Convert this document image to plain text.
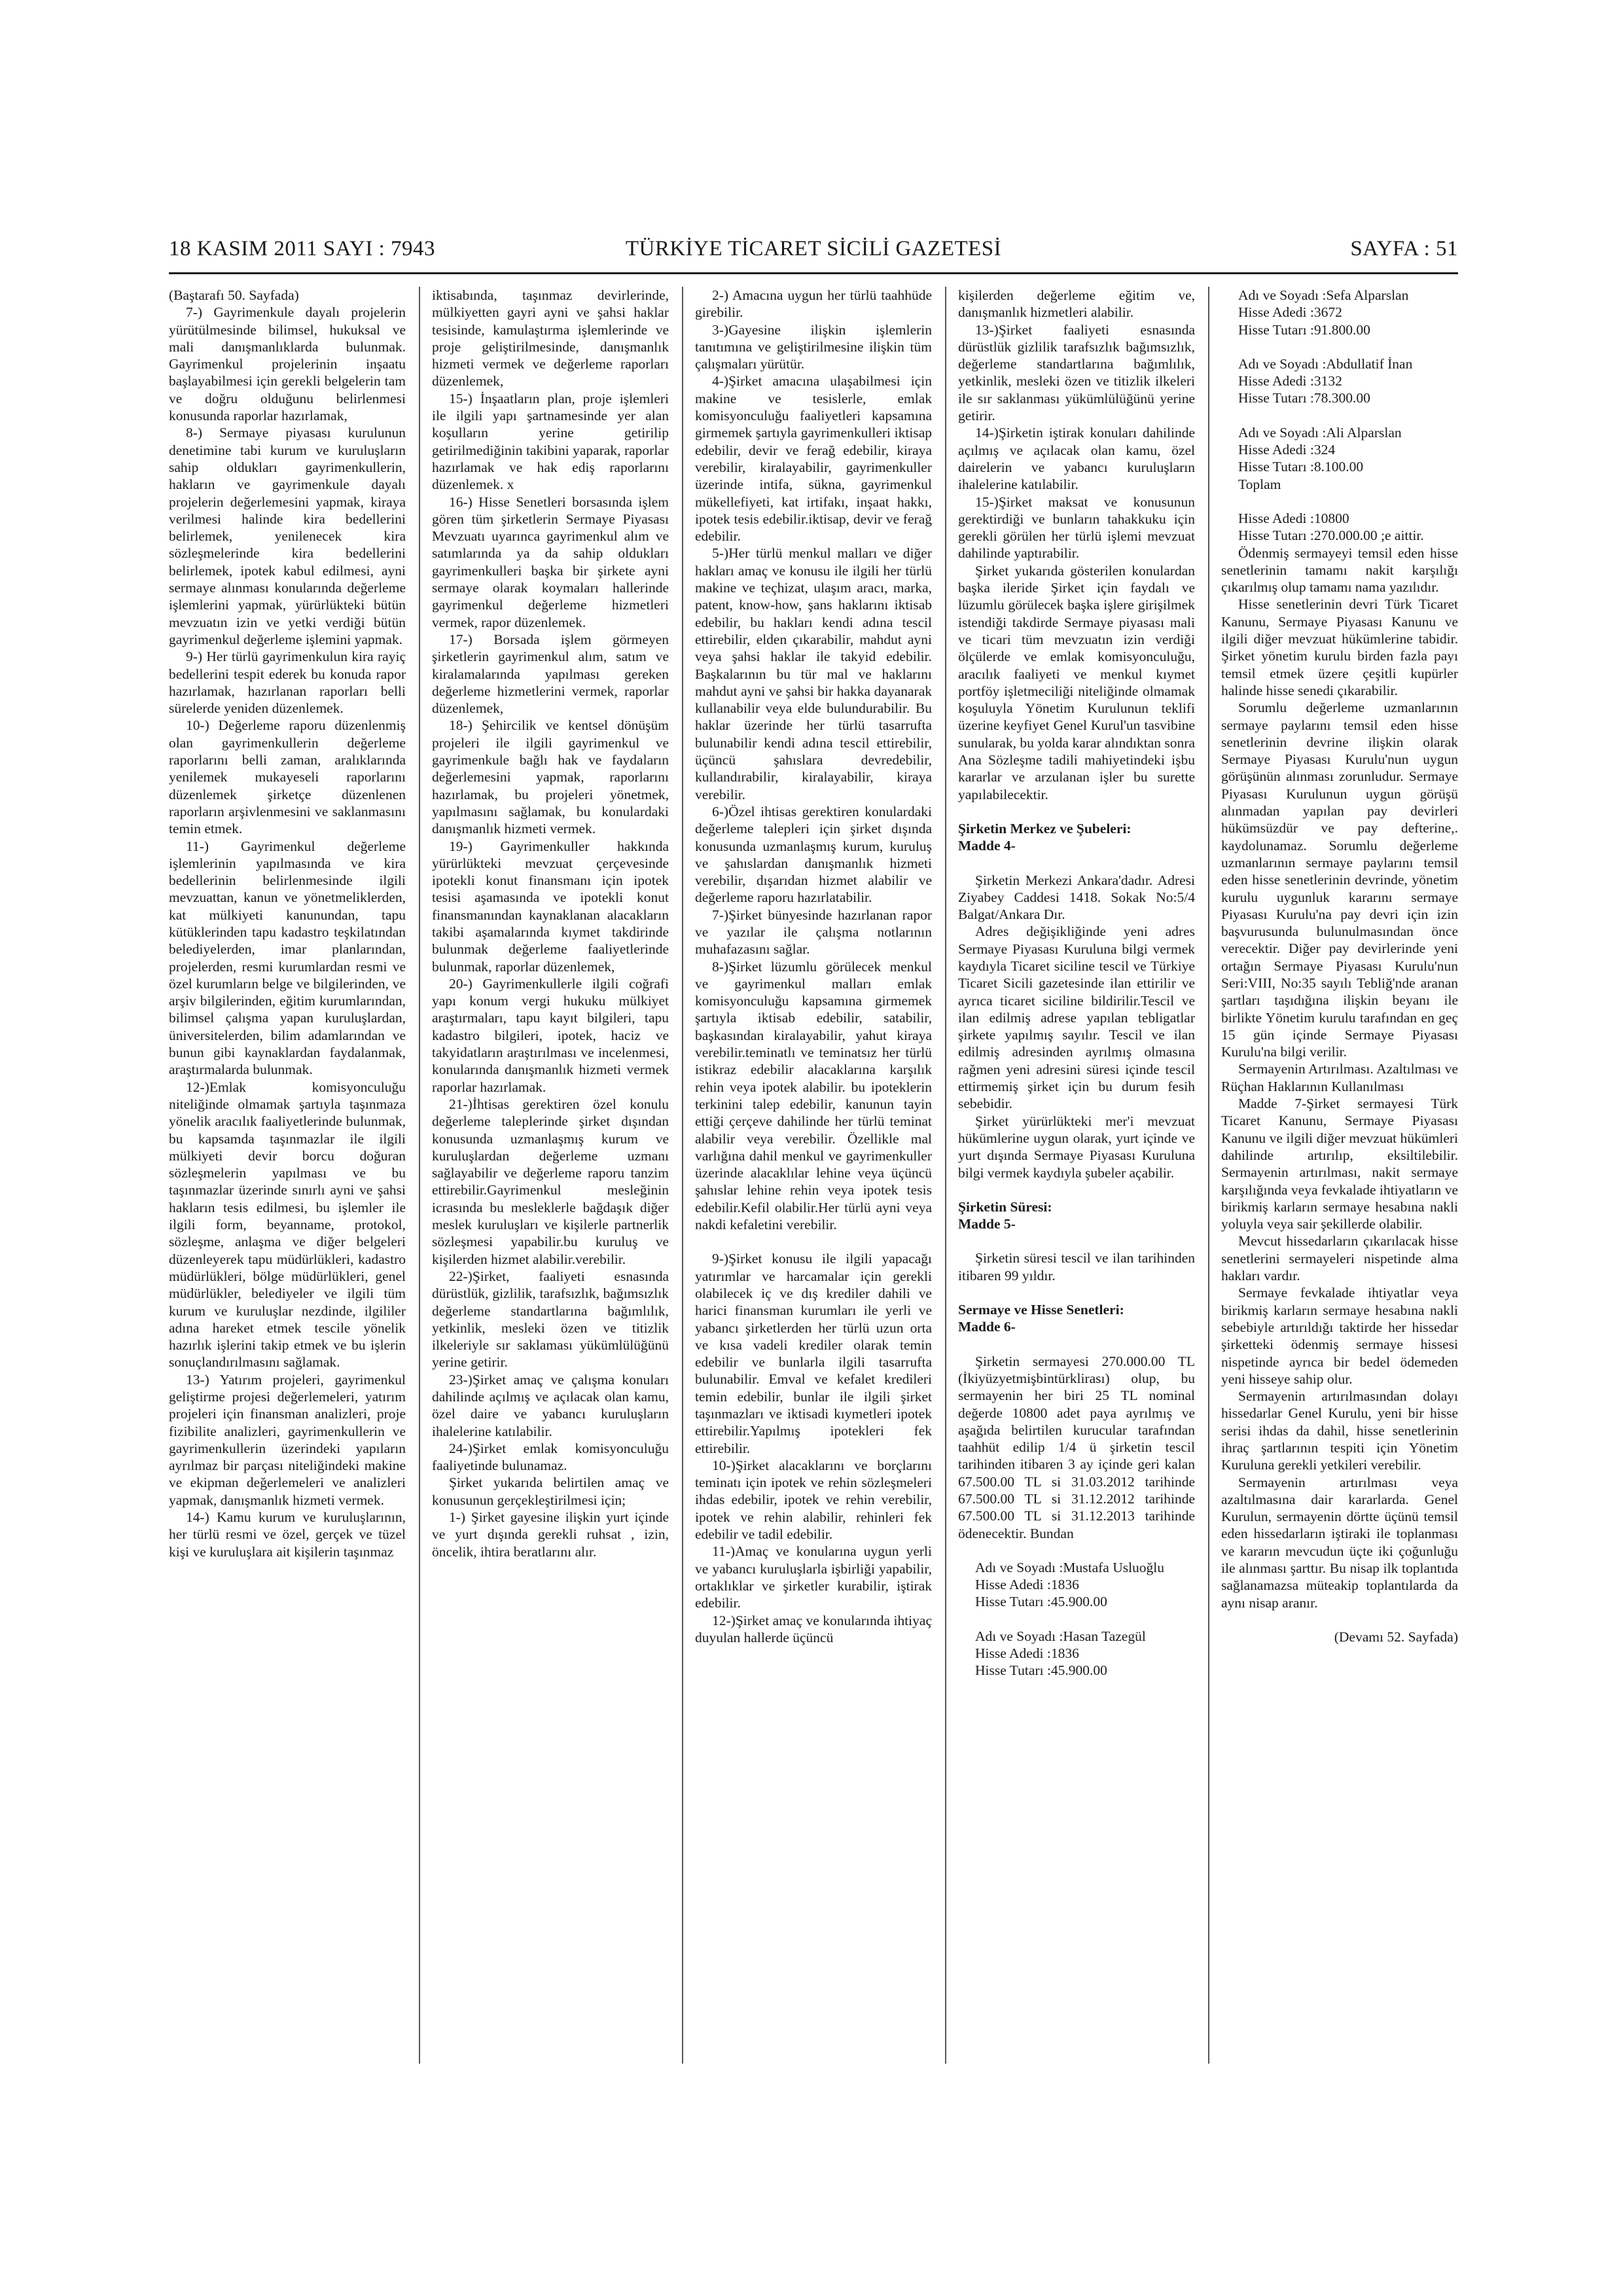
18 KASIM 2011 SAYI : 7943	TÜRKİYE TİCARET SİCİLİ GAZETESİ	SAYFA : 51

(Baştarafı 50. Sayfada)

7-) Gayrimenkule dayalı projelerin yürütülmesinde bilimsel, hukuksal ve mali danışmanlıklarda bulunmak. Gayrimenkul projelerinin inşaatu başlayabilmesi için gerekli belgelerin tam ve doğru olduğunu belirlenmesi konusunda raporlar hazırlamak,

8-) Sermaye piyasası kurulunun denetimine tabi kurum ve kuruluşların sahip oldukları gayrimenkullerin, hakların ve gayrimenkule dayalı projelerin değerlemesini yapmak, kiraya verilmesi halinde kira bedellerini belirlemek, yenilenecek kira sözleşmelerinde kira bedellerini belirlemek, ipotek kabul edilmesi, ayni sermaye alınması konularında değerleme işlemlerini yapmak, yürürlükteki bütün mevzuatın izin ve yetki verdiği bütün gayrimenkul değerleme işlemini yapmak.

9-) Her türlü gayrimenkulun kira rayiç bedellerini tespit ederek bu konuda rapor hazırlamak, hazırlanan raporları belli sürelerde yeniden düzenlemek.

10-) Değerleme raporu düzenlenmiş olan gayrimenkullerin değerleme raporlarını belli zaman, aralıklarında yenilemek mukayeseli raporlarını düzenlemek şirketçe düzenlenen raporların arşivlenmesini ve saklanmasını temin etmek.

11-) Gayrimenkul değerleme işlemlerinin yapılmasında ve kira bedellerinin belirlenmesinde ilgili mevzuattan, kanun ve yönetmeliklerden, kat mülkiyeti kanunundan, tapu kütüklerinden tapu kadastro teşkilatından belediyelerden, imar planlarından, projelerden, resmi kurumlardan resmi ve özel kurumların belge ve bilgilerinden, ve arşiv bilgilerinden, eğitim kurumlarından, bilimsel çalışma yapan kuruluşlardan, üniversitelerden, bilim adamlarından ve bunun gibi kaynaklardan faydalanmak, araştırmalarda bulunmak.

12-)Emlak komisyonculuğu niteliğinde olmamak şartıyla taşınmaza yönelik aracılık faaliyetlerinde bulunmak, bu kapsamda taşınmazlar ile ilgili mülkiyeti devir borcu doğuran sözleşmelerin yapılması ve bu taşınmazlar üzerinde sınırlı ayni ve şahsi hakların tesis edilmesi, bu işlemler ile ilgili form, beyanname, protokol, sözleşme, anlaşma ve diğer belgeleri düzenleyerek tapu müdürlükleri, kadastro müdürlükleri, bölge müdürlükleri, genel müdürlükler, belediyeler ve ilgili tüm kurum ve kuruluşlar nezdinde, ilgililer adına hareket etmek tescile yönelik hazırlık işlerini takip etmek ve bu işlerin sonuçlandırılmasını sağlamak.

13-) Yatırım projeleri, gayrimenkul geliştirme projesi değerlemeleri, yatırım projeleri için finansman analizleri, proje fizibilite analizleri, gayrimenkullerin ve gayrimenkullerin üzerindeki yapıların ayrılmaz bir parçası niteliğindeki makine ve ekipman değerlemeleri ve analizleri yapmak, danışmanlık hizmeti vermek.

14-) Kamu kurum ve kuruluşlarının, her türlü resmi ve özel, gerçek ve tüzel kişi ve kuruluşlara ait kişilerin taşınmaz

iktisabında, taşınmaz devirlerinde, mülkiyetten gayri ayni ve şahsi haklar tesisinde, kamulaştırma işlemlerinde ve proje geliştirilmesinde, danışmanlık hizmeti vermek ve değerleme raporları düzenlemek,

15-) İnşaatların plan, proje işlemleri ile ilgili yapı şartnamesinde yer alan koşulların yerine getirilip getirilmediğinin takibini yaparak, raporlar hazırlamak ve hak ediş raporlarını düzenlemek. x

16-) Hisse Senetleri borsasında işlem gören tüm şirketlerin Sermaye Piyasası Mevzuatı uyarınca gayrimenkul alım ve satımlarında ya da sahip oldukları gayrimenkulleri başka bir şirkete ayni sermaye olarak koymaları hallerinde gayrimenkul değerleme hizmetleri vermek, rapor düzenlemek.

17-) Borsada işlem görmeyen şirketlerin gayrimenkul alım, satım ve kiralamalarında yapılması gereken değerleme hizmetlerini vermek, raporlar düzenlemek,

18-) Şehircilik ve kentsel dönüşüm projeleri ile ilgili gayrimenkul ve gayrimenkule bağlı hak ve faydaların değerlemesini yapmak, raporlarını hazırlamak, bu projeleri yönetmek, yapılmasını sağlamak, bu konulardaki danışmanlık hizmeti vermek.

19-) Gayrimenkuller hakkında yürürlükteki mevzuat çerçevesinde ipotekli konut finansmanı için ipotek tesisi aşamasında ve ipotekli konut finansmanından kaynaklanan alacakların takibi aşamalarında kıymet takdirinde bulunmak değerleme faaliyetlerinde bulunmak, raporlar düzenlemek,

20-) Gayrimenkullerle ilgili coğrafi yapı konum vergi hukuku mülkiyet araştırmaları, tapu kayıt bilgileri, tapu kadastro bilgileri, ipotek, haciz ve takyidatların araştırılması ve incelenmesi, konularında danışmanlık hizmeti vermek raporlar hazırlamak.

21-)İhtisas gerektiren özel konulu değerleme taleplerinde şirket dışından konusunda uzmanlaşmış kurum ve kuruluşlardan değerleme uzmanı sağlayabilir ve değerleme raporu tanzim ettirebilir.Gayrimenkul mesleğinin icrasında bu mesleklerle bağdaşık diğer meslek kuruluşları ve kişilerle partnerlik sözleşmesi yapabilir.bu kuruluş ve kişilerden hizmet alabilir.verebilir.

22-)Şirket, faaliyeti esnasında dürüstlük, gizlilik, tarafsızlık, bağımsızlık değerleme standartlarına bağımlılık, yetkinlik, mesleki özen ve titizlik ilkeleriyle sır saklaması yükümlülüğünü yerine getirir.

23-)Şirket amaç ve çalışma konuları dahilinde açılmış ve açılacak olan kamu, özel daire ve yabancı kuruluşların ihalelerine katılabilir.

24-)Şirket emlak komisyonculuğu faaliyetinde bulunamaz.

Şirket yukarıda belirtilen amaç ve konusunun gerçekleştirilmesi için;

1-) Şirket gayesine ilişkin yurt içinde ve yurt dışında gerekli ruhsat , izin, öncelik, ihtira beratlarını alır.

2-) Amacına uygun her türlü taahhüde girebilir.

3-)Gayesine ilişkin işlemlerin tanıtımına ve geliştirilmesine ilişkin tüm çalışmaları yürütür.

4-)Şirket amacına ulaşabilmesi için makine ve tesislerle, emlak komisyonculuğu faaliyetleri kapsamına girmemek şartıyla gayrimenkulleri iktisap edebilir, devir ve ferağ edebilir, kiraya verebilir, kiralayabilir, gayrimenkuller üzerinde intifa, sükna, gayrimenkul mükellefiyeti, kat irtifakı, inşaat hakkı, ipotek tesis edebilir.iktisap, devir ve ferağ edebilir.

5-)Her türlü menkul malları ve diğer hakları amaç ve konusu ile ilgili her türlü makine ve teçhizat, ulaşım aracı, marka, patent, know-how, şans haklarını iktisab edebilir, bu hakları kendi adına tescil ettirebilir, elden çıkarabilir, mahdut ayni veya şahsi haklar ile takyid edebilir. Başkalarının bu tür mal ve haklarını mahdut ayni ve şahsi bir hakka dayanarak kullanabilir veya elde bulundurabilir. Bu haklar üzerinde her türlü tasarrufta bulunabilir kendi adına tescil ettirebilir, üçüncü şahıslara devredebilir, kullandırabilir, kiralayabilir, kiraya verebilir.

6-)Özel ihtisas gerektiren konulardaki değerleme talepleri için şirket dışında konusunda uzmanlaşmış kurum, kuruluş ve şahıslardan danışmanlık hizmeti verebilir, dışarıdan hizmet alabilir ve değerleme raporu hazırlatabilir.

7-)Şirket bünyesinde hazırlanan rapor ve yazılar ile çalışma notlarının muhafazasını sağlar.

8-)Şirket lüzumlu görülecek menkul ve gayrimenkul malları emlak komisyonculuğu kapsamına girmemek şartıyla iktisab edebilir, satabilir, başkasından kiralayabilir, yahut kiraya verebilir.teminatlı ve teminatsız her türlü istikraz edebilir alacaklarına karşılık rehin veya ipotek alabilir. bu ipoteklerin terkinini talep edebilir, kanunun tayin ettiği çerçeve dahilinde her türlü teminat alabilir veya verebilir. Özellikle mal varlığına dahil menkul ve gayrimenkuller üzerinde alacaklılar lehine veya üçüncü şahıslar lehine rehin veya ipotek tesis edebilir.Kefil olabilir.Her türlü ayni veya nakdi kefaletini verebilir.

9-)Şirket konusu ile ilgili yapacağı yatırımlar ve harcamalar için gerekli olabilecek iç ve dış krediler dahili ve harici finansman kurumları ile yerli ve yabancı şirketlerden her türlü uzun orta ve kısa vadeli krediler olarak temin edebilir ve bunlarla ilgili tasarrufta bulunabilir. Emval ve kefalet kredileri temin edebilir, bunlar ile ilgili şirket taşınmazları ve iktisadi kıymetleri ipotek ettirebilir.Yapılmış ipotekleri fek ettirebilir.

10-)Şirket alacaklarını ve borçlarını teminatı için ipotek ve rehin sözleşmeleri ihdas edebilir, ipotek ve rehin verebilir, ipotek ve rehin alabilir, rehinleri fek edebilir ve tadil edebilir.

11-)Amaç ve konularına uygun yerli ve yabancı kuruluşlarla işbirliği yapabilir, ortaklıklar ve şirketler kurabilir, iştirak edebilir.

12-)Şirket amaç ve konularında ihtiyaç duyulan hallerde üçüncü

kişilerden değerleme eğitim ve, danışmanlık hizmetleri alabilir.

13-)Şirket faaliyeti esnasında dürüstlük gizlilik tarafsızlık bağımsızlık, değerleme standartlarına bağımlılık, yetkinlik, mesleki özen ve titizlik ilkeleri ile sır saklanması yükümlülüğünü yerine getirir.

14-)Şirketin iştirak konuları dahilinde açılmış ve açılacak olan kamu, özel dairelerin ve yabancı kuruluşların ihalelerine katılabilir.

15-)Şirket maksat ve konusunun gerektirdiği ve bunların tahakkuku için gerekli görülen her türlü işlemi mevzuat dahilinde yaptırabilir.

Şirket yukarıda gösterilen konulardan başka ileride Şirket için faydalı ve lüzumlu görülecek başka işlere girişilmek istendiği takdirde Sermaye piyasası mali ve ticari tüm mevzuatın izin verdiği ölçülerde ve emlak komisyonculuğu, aracılık faaliyeti ve menkul kıymet portföy işletmeciliği niteliğinde olmamak koşuluyla Yönetim Kurulunun teklifi üzerine keyfiyet Genel Kurul'un tasvibine sunularak, bu yolda karar alındıktan sonra Ana Sözleşme tadili mahiyetindeki işbu kararlar ve arzulanan işler bu surette yapılabilecektir.

Şirketin Merkez ve Şubeleri:

Madde 4-

Şirketin Merkezi Ankara'dadır. Adresi Ziyabey Caddesi 1418. Sokak No:5/4 Balgat/Ankara Dır.

Adres değişikliğinde yeni adres Sermaye Piyasası Kuruluna bilgi vermek kaydıyla Ticaret siciline tescil ve Türkiye Ticaret Sicili gazetesinde ilan ettirilir ve ayrıca ticaret siciline bildirilir.Tescil ve ilan edilmiş adrese yapılan tebligatlar şirkete yapılmış sayılır. Tescil ve ilan edilmiş adresinden ayrılmış olmasına rağmen yeni adresini süresi içinde tescil ettirmemiş şirket için bu durum fesih sebebidir.

Şirket yürürlükteki mer'i mevzuat hükümlerine uygun olarak, yurt içinde ve yurt dışında Sermaye Piyasası Kuruluna bilgi vermek kaydıyla şubeler açabilir.

Şirketin Süresi:

Madde 5-

Şirketin süresi tescil ve ilan tarihinden itibaren 99 yıldır.

Sermaye ve Hisse Senetleri:

Madde 6-

Şirketin sermayesi 270.000.00 TL (İkiyüzyetmişbintürklirası) olup, bu sermayenin her biri 25 TL nominal değerde 10800 adet paya ayrılmış ve aşağıda belirtilen kurucular tarafından taahhüt edilip 1/4 ü şirketin tescil tarihinden itibaren 3 ay içinde geri kalan 67.500.00 TL si 31.03.2012 tarihinde 67.500.00 TL si 31.12.2012 tarihinde 67.500.00 TL si 31.12.2013 tarihinde ödenecektir. Bundan

Adı ve Soyadı :Mustafa Usluoğlu

Hisse Adedi :1836

Hisse Tutarı :45.900.00

Adı ve Soyadı :Hasan Tazegül

Hisse Adedi :1836

Hisse Tutarı :45.900.00

Adı ve Soyadı :Sefa Alparslan

Hisse Adedi :3672

Hisse Tutarı :91.800.00

Adı ve Soyadı :Abdullatif İnan

Hisse Adedi :3132

Hisse Tutarı :78.300.00

Adı ve Soyadı :Ali Alparslan

Hisse Adedi :324

Hisse Tutarı :8.100.00

Toplam

Hisse Adedi :10800

Hisse Tutarı :270.000.00 ;e aittir.

Ödenmiş sermayeyi temsil eden hisse senetlerinin tamamı nakit karşılığı çıkarılmış olup tamamı nama yazılıdır.

Hisse senetlerinin devri Türk Ticaret Kanunu, Sermaye Piyasası Kanunu ve ilgili diğer mevzuat hükümlerine tabidir. Şirket yönetim kurulu birden fazla payı temsil etmek üzere çeşitli kupürler halinde hisse senedi çıkarabilir.

Sorumlu değerleme uzmanlarının sermaye paylarını temsil eden hisse senetlerinin devrine ilişkin olarak Sermaye Piyasası Kurulu'nun uygun görüşünün alınması zorunludur. Sermaye Piyasası Kurulunun uygun görüşü alınmadan yapılan pay devirleri hükümsüzdür ve pay defterine,. kaydolunamaz. Sorumlu değerleme uzmanlarının sermaye paylarını temsil eden hisse senetlerinin devrinde, yönetim kurulu uygunluk kararını sermaye Piyasası Kurulu'na pay devri için izin başvurusunda bulunulmasından önce verecektir. Diğer pay devirlerinde yeni ortağın Sermaye Piyasası Kurulu'nun Seri:VIII, No:35 sayılı Tebliğ'nde aranan şartları taşıdığına ilişkin beyanı ile birlikte Yönetim kurulu tarafından en geç 15 gün içinde Sermaye Piyasası Kurulu'na bilgi verilir.

Sermayenin Artırılması. Azaltılması ve Rüçhan Haklarının Kullanılması

Madde 7-Şirket sermayesi Türk Ticaret Kanunu, Sermaye Piyasası Kanunu ve ilgili diğer mevzuat hükümleri dahilinde artırılıp, eksiltilebilir. Sermayenin artırılması, nakit sermaye karşılığında veya fevkalade ihtiyatların ve birikmiş karların sermaye hesabına nakli yoluyla veya sair şekillerde olabilir.

Mevcut hissedarların çıkarılacak hisse senetlerini sermayeleri nispetinde alma hakları vardır.

Sermaye fevkalade ihtiyatlar veya birikmiş karların sermaye hesabına nakli sebebiyle artırıldığı taktirde her hissedar şirketteki ödenmiş sermaye hissesi nispetinde ayrıca bir bedel ödemeden yeni hisseye sahip olur.

Sermayenin artırılmasından dolayı hissedarlar Genel Kurulu, yeni bir hisse serisi ihdas da dahil, hisse senetlerinin ihraç şartlarının tespiti için Yönetim Kuruluna gerekli yetkileri verebilir.

Sermayenin artırılması veya azaltılmasına dair kararlarda. Genel Kurulun, sermayenin dörtte üçünü temsil eden hissedarların iştiraki ile toplanması ve kararın mevcudun üçte iki çoğunluğu ile alınması şarttır. Bu nisap ilk toplantıda sağlanamazsa müteakip toplantılarda da aynı nisap aranır.

(Devamı 52. Sayfada)
